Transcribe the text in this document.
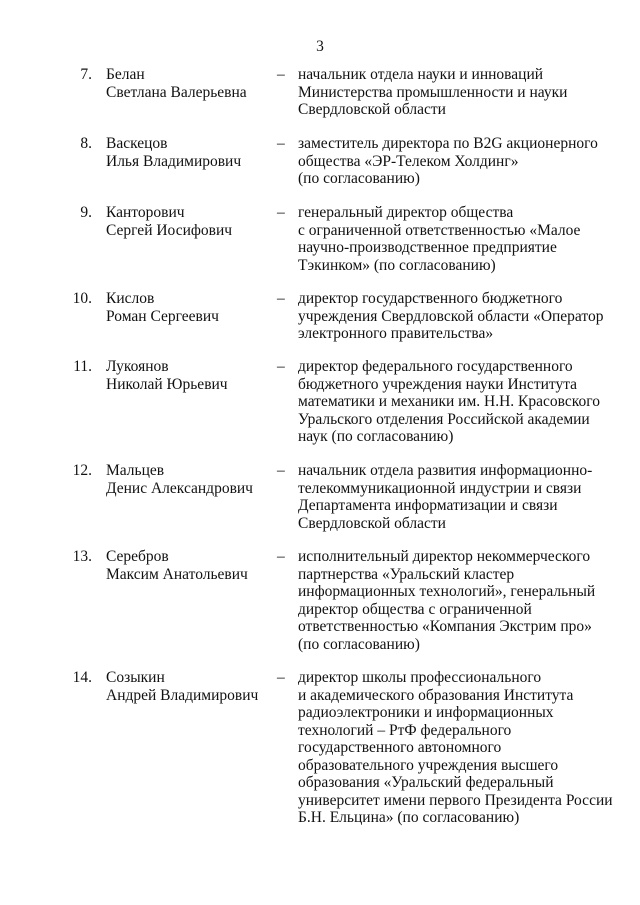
3
7. Белан
Светлана Валерьевна
– начальник отдела науки и инноваций
Министерства промышленности и науки
Свердловской области
8. Васкецов
Илья Владимирович
– заместитель директора по B2G акционерного
общества «ЭР-Телеком Холдинг»
(по согласованию)
9. Канторович
Сергей Иосифович
– генеральный директор общества
с ограниченной ответственностью «Малое
научно-производственное предприятие
Тэкинком» (по согласованию)
10. Кислов
Роман Сергеевич
– директор государственного бюджетного
учреждения Свердловской области «Оператор
электронного правительства»
11. Лукоянов
Николай Юрьевич
– директор федерального государственного
бюджетного учреждения науки Института
математики и механики им. Н.Н. Красовского
Уральского отделения Российской академии
наук (по согласованию)
12. Мальцев
Денис Александрович
– начальник отдела развития информационно-
телекоммуникационной индустрии и связи
Департамента информатизации и связи
Свердловской области
13. Серебров
Максим Анатольевич
– исполнительный директор некоммерческого
партнерства «Уральский кластер
информационных технологий», генеральный
директор общества с ограниченной
ответственностью «Компания Экстрим про»
(по согласованию)
14. Созыкин
Андрей Владимирович
– директор школы профессионального
и академического образования Института
радиоэлектроники и информационных
технологий – РтФ федерального
государственного автономного
образовательного учреждения высшего
образования «Уральский федеральный
университет имени первого Президента России
Б.Н. Ельцина» (по согласованию)
